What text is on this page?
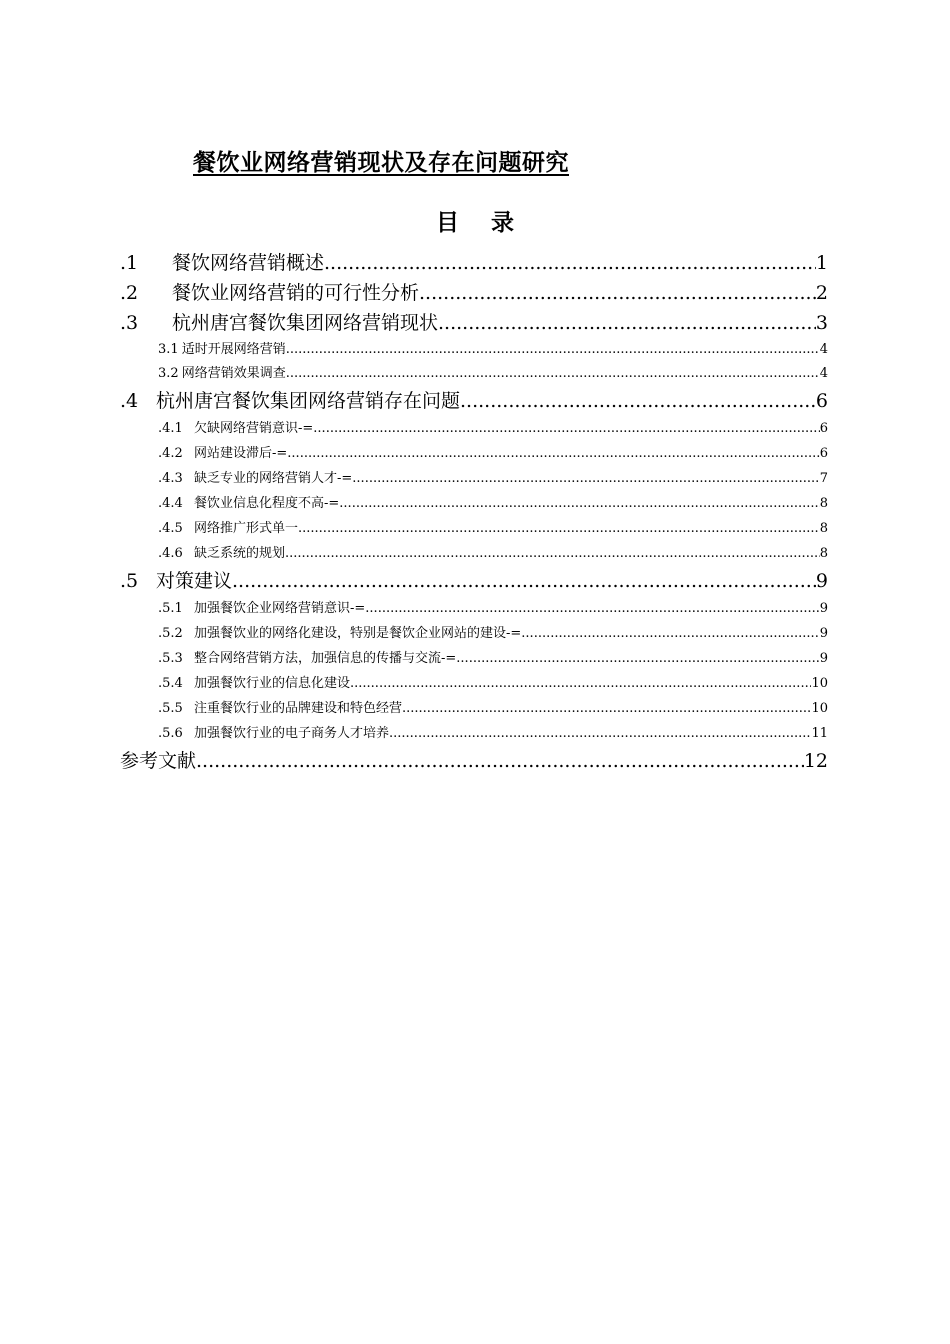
餐饮业网络营销现状及存在问题研究
目 录
.1	餐饮网络营销概述 .....	1
.2	餐饮业网络营销的可行性分析 .....	2
.3	杭州唐宫餐饮集团网络营销现状 .....	3
3.1 适时开展网络营销 .....	4
3.2 网络营销效果调查 .....	4
.4 杭州唐宫餐饮集团网络营销存在问题 .....	6
.4.1 欠缺网络营销意识-= .....	6
.4.2 网站建设滞后-= .....	6
.4.3 缺乏专业的网络营销人才-= .....	7
.4.4 餐饮业信息化程度不高-= .....	8
.4.5 网络推广形式单一 .....	8
.4.6 缺乏系统的规划 .....	8
.5 对策建议 .....	9
.5.1 加强餐饮企业网络营销意识-= .....	9
.5.2 加强餐饮业的网络化建设，特别是餐饮企业网站的建设-= .....	9
.5.3 整合网络营销方法，加强信息的传播与交流-= .....	9
.5.4 加强餐饮行业的信息化建设 .....	10
.5.5 注重餐饮行业的品牌建设和特色经营 .....	10
.5.6 加强餐饮行业的电子商务人才培养 .....	11
参考文献 .....	12
